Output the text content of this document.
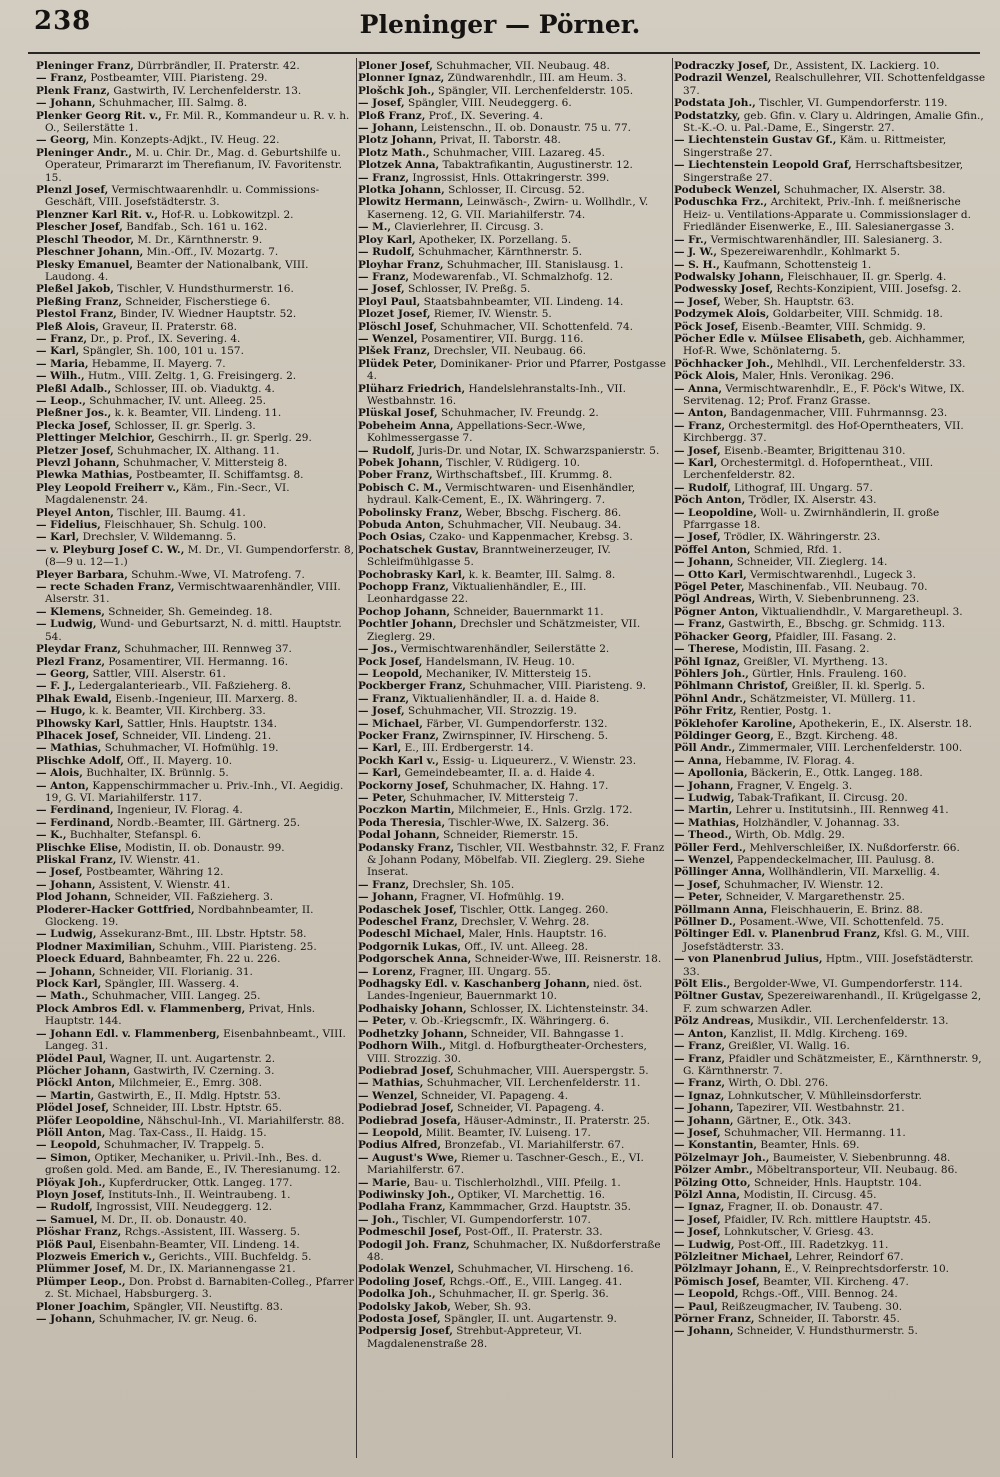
238	Pleninger — Pörner.
Pleninger Franz, Dürrbrändler, II. Praterstr. 42.
— Franz, Postbeamter, VIII. Piaristeng. 29.
Plenk Franz, Gastwirth, IV. Lerchenfelderstr. 13.
— Johann, Schuhmacher, III. Salmg. 8.
Plenker Georg Rit. v., Fr. Mil. R., Kommandeur u. R. v. h. O., Seilerstätte 1.
— Georg, Min. Konzepts-Adjkt., IV. Heug. 22.
Pleninger Andr., M. u. Chir. Dr., Mag. d. Geburtshilfe u. Operateur, Primararzt im Therefianum, IV. Favoritenstr. 15.
Plenzl Josef, Vermischtwaarenhdlr. u. Commissions-Geschäft, VIII. Josefstädterstr. 3.
Plenzner Karl Rit. v., Hof-R. u. Lobkowitzpl. 2.
Plescher Josef, Bandfab., Sch. 161 u. 162.
Pleschl Theodor, M. Dr., Kärnthnerstr. 9.
Pleschner Johann, Min.-Off., IV. Mozartg. 7.
Plesky Emanuel, Beamter der Nationalbank, VIII. Laudong. 4.
Pleßel Jakob, Tischler, V. Hundsthurmerstr. 16.
Pleßing Franz, Schneider, Fischerstiege 6.
Plestol Franz, Binder, IV. Wiedner Hauptstr. 52.
Pleß Alois, Graveur, II. Praterstr. 68.
— Franz, Dr., p. Prof., IX. Severing. 4.
— Karl, Spängler, Sh. 100, 101 u. 157.
— Maria, Hebamme, II. Mayerg. 7.
— Wilh., Hutm., VIII. Zeltg. 1, G. Freisingerg. 2.
Pleßl Adalb., Schlosser, III. ob. Viaduktg. 4.
— Leop., Schuhmacher, IV. unt. Alleeg. 25.
Pleßner Jos., k. k. Beamter, VII. Lindeng. 11.
Plecka Josef, Schlosser, II. gr. Sperlg. 3.
Plettinger Melchior, Geschirrh., II. gr. Sperlg. 29.
Pletzer Josef, Schuhmacher, IX. Althang. 11.
Plevzl Johann, Schuhmacher, V. Mittersteig 8.
Plewka Mathias, Postbeamter, II. Schiffamtsg. 8.
Pley Leopold Freiherr v., Käm., Fin.-Secr., VI. Magdalenenstr. 24.
Pleyel Anton, Tischler, III. Baumg. 41.
— Fidelius, Fleischhauer, Sh. Schulg. 100.
— Karl, Drechsler, V. Wildemanng. 5.
— v. Pleyburg Josef C. W., M. Dr., VI. Gumpendorferstr. 8, (8—9 u. 12—1.)
Pleyer Barbara, Schuhm.-Wwe, VI. Matrofeng. 7.
— recte Schaden Franz, Vermischtwaarenhändler, VIII. Alserstr. 31.
— Klemens, Schneider, Sh. Gemeindeg. 18.
— Ludwig, Wund- und Geburtsarzt, N. d. mittl. Hauptstr. 54.
Pleydar Franz, Schuhmacher, III. Rennweg 37.
Plezl Franz, Posamentirer, VII. Hermanng. 16.
— Georg, Sattler, VIII. Alserstr. 61.
— F. J., Ledergalanteriearb., VII. Faßzieherg. 8.
Plhak Ewald, Eisenb.-Ingenieur, III. Marxerg. 8.
— Hugo, k. k. Beamter, VII. Kirchberg. 33.
Plhowsky Karl, Sattler, Hnls. Hauptstr. 134.
Plhacek Josef, Schneider, VII. Lindeng. 21.
— Mathias, Schuhmacher, VI. Hofmühlg. 19.
Plischke Adolf, Off., II. Mayerg. 10.
— Alois, Buchhalter, IX. Brünnlg. 5.
— Anton, Kappenschirmmacher u. Priv.-Inh., VI. Aegidig. 19, G. VI. Mariahilferstr. 117.
— Ferdinand, Ingenieur, IV. Florag. 4.
— Ferdinand, Nordb.-Beamter, III. Gärtnerg. 25.
— K., Buchhalter, Stefanspl. 6.
Plischke Elise, Modistin, II. ob. Donaustr. 99.
Pliskal Franz, IV. Wienstr. 41.
— Josef, Postbeamter, Währing 12.
— Johann, Assistent, V. Wienstr. 41.
Plod Johann, Schneider, VII. Faßzieherg. 3.
Ploderer-Hacker Gottfried, Nordbahnbeamter, II. Glockeng. 19.
— Ludwig, Assekuranz-Bmt., III. Lbstr. Hptstr. 58.
Plodner Maximilian, Schuhm., VIII. Piaristeng. 25.
Ploeck Eduard, Bahnbeamter, Fh. 22 u. 226.
— Johann, Schneider, VII. Florianig. 31.
Plock Karl, Spängler, III. Wasserg. 4.
— Math., Schuhmacher, VIII. Langeg. 25.
Plock Ambros Edl. v. Flammenberg, Privat, Hnls. Hauptstr. 144.
— Johann Edl. v. Flammenberg, Eisenbahnbeamt., VIII. Langeg. 31.
Plödel Paul, Wagner, II. unt. Augartenstr. 2.
Plöcher Johann, Gastwirth, IV. Czerning. 3.
Plöckl Anton, Milchmeier, E., Emrg. 308.
— Martin, Gastwirth, E., II. Mdlg. Hptstr. 53.
Plödel Josef, Schneider, III. Lbstr. Hptstr. 65.
Plöfer Leopoldine, Nähschul-Inh., VI. Mariahilferstr. 88.
Plöll Anton, Mag. Tax-Cass., II. Haidg. 15.
— Leopold, Schuhmacher, IV. Trappelg. 5.
— Simon, Optiker, Mechaniker, u. Privil.-Inh., Bes. d. großen gold. Med. am Bande, E., IV. Theresianumg. 12.
Plöyak Joh., Kupferdrucker, Ottk. Langeg. 177.
Ployn Josef, Instituts-Inh., II. Weintraubeng. 1.
— Rudolf, Ingrossist, VIII. Neudeggerg. 12.
— Samuel, M. Dr., II. ob. Donaustr. 40.
Plöshar Franz, Rchgs.-Assistent, III. Wasserg. 5.
Plöß Paul, Eisenbahn-Beamter, VII. Lindeng. 14.
Plozweis Emerich v., Gerichts., VIII. Buchfeldg. 5.
Plümmer Josef, M. Dr., IX. Mariannengasse 21.
Plümper Leop., Don. Probst d. Barnabiten-Colleg., Pfarrer z. St. Michael, Habsburgerg. 3.
Ploner Joachim, Spängler, VII. Neustiftg. 83.
— Johann, Schuhmacher, IV. gr. Neug. 6.
Ploner Josef, Schuhmacher, VII. Neubaug. 48.
Plonner Ignaz, Zündwarenhdlr., III. am Heum. 3.
Plošchk Joh., Spängler, VII. Lerchenfelderstr. 105.
— Josef, Spängler, VIII. Neudeggerg. 6.
Ploß Franz, Prof., IX. Severing. 4.
— Johann, Leistenschn., II. ob. Donaustr. 75 u. 77.
Plotz Johann, Privat, II. Taborstr. 48.
Plotz Math., Schuhmacher, VIII. Lazareg. 45.
Plotzek Anna, Tabaktrafikantin, Augustinerstr. 12.
— Franz, Ingrossist, Hnls. Ottakringerstr. 399.
Plotka Johann, Schlosser, II. Circusg. 52.
Plowitz Hermann, Leinwäsch-, Zwirn- u. Wollhdlr., V. Kaserneng. 12, G. VII. Mariahilferstr. 74.
— M., Clavierlehrer, II. Circusg. 3.
Ploy Karl, Apotheker, IX. Porzellang. 5.
— Rudolf, Schuhmacher, Kärnthnerstr. 5.
Ployhar Franz, Schuhmacher, III. Stanislausg. 1.
— Franz, Modewarenfab., VI. Schmalzhofg. 12.
— Josef, Schlosser, IV. Preßg. 5.
Ployl Paul, Staatsbahnbeamter, VII. Lindeng. 14.
Plozet Josef, Riemer, IV. Wienstr. 5.
Plöschl Josef, Schuhmacher, VII. Schottenfeld. 74.
— Wenzel, Posamentirer, VII. Burgg. 116.
Plšek Franz, Drechsler, VII. Neubaug. 66.
Plüdek Peter, Dominikaner- Prior und Pfarrer, Postgasse 4.
Plüharz Friedrich, Handelslehranstalts-Inh., VII. Westbahnstr. 16.
Plüskal Josef, Schuhmacher, IV. Freundg. 2.
Pobeheim Anna, Appellations-Secr.-Wwe, Kohlmessergasse 7.
— Rudolf, Juris-Dr. und Notar, IX. Schwarzspanierstr. 5.
Pobek Johann, Tischler, V. Rüdigerg. 10.
Pober Franz, Wirthschaftsbef., III. Krummg. 8.
Pobisch C. M., Vermischtwaren- und Eisenhändler, hydraul. Kalk-Cement, E., IX. Währingerg. 7.
Pobolinsky Franz, Weber, Bbschg. Fischerg. 86.
Pobuda Anton, Schuhmacher, VII. Neubaug. 34.
Poch Osias, Czako- und Kappenmacher, Krebsg. 3.
Pochatschek Gustav, Branntweinerzeuger, IV. Schleifmühlgasse 5.
Pochobrasky Karl, k. k. Beamter, III. Salmg. 8.
Pochopp Franz, Viktualienhändler, E., III. Leonhardgasse 22.
Pochop Johann, Schneider, Bauernmarkt 11.
Pochtler Johann, Drechsler und Schätzmeister, VII. Zieglerg. 29.
— Jos., Vermischtwarenhändler, Seilerstätte 2.
Pock Josef, Handelsmann, IV. Heug. 10.
— Leopold, Mechaniker, IV. Mittersteig 15.
Pockberger Franz, Schuhmacher, VIII. Piaristeng. 9.
— Franz, Viktualienhändler, II. a. d. Haide 8.
— Josef, Schuhmacher, VII. Strozzig. 19.
— Michael, Färber, VI. Gumpendorferstr. 132.
Pocker Franz, Zwirnspinner, IV. Hirscheng. 5.
— Karl, E., III. Erdbergerstr. 14.
Pockh Karl v., Essig- u. Liqueurerz., V. Wienstr. 23.
— Karl, Gemeindebeamter, II. a. d. Haide 4.
Pockorny Josef, Schuhmacher, IX. Hahng. 17.
— Peter, Schuhmacher, IV. Mittersteig 7.
Poczkon Martin, Milchmeier, E., Hnls. Grzlg. 172.
Poda Theresia, Tischler-Wwe, IX. Salzerg. 36.
Podal Johann, Schneider, Riemerstr. 15.
Podansky Franz, Tischler, VII. Westbahnstr. 32, F. Franz & Johann Podany, Möbelfab. VII. Zieglerg. 29. Siehe Inserat.
— Franz, Drechsler, Sh. 105.
— Johann, Fragner, VI. Hofmühlg. 19.
Podaschek Josef, Tischler, Ottk. Langeg. 260.
Podeschel Franz, Drechsler, V. Wehrg. 28.
Podeschl Michael, Maler, Hnls. Hauptstr. 16.
Podgornik Lukas, Off., IV. unt. Alleeg. 28.
Podgorschek Anna, Schneider-Wwe, III. Reisnerstr. 18.
— Lorenz, Fragner, III. Ungarg. 55.
Podhagsky Edl. v. Kaschanberg Johann, nied. öst. Landes-Ingenieur, Bauernmarkt 10.
Podhaisky Johann, Schlosser, IX. Lichtensteinstr. 34.
— Peter, v. Ob.-Kriegscmfr., IX. Währingerg. 6.
Podhetzky Johann, Schneider, VII. Bahngasse 1.
Podhorn Wilh., Mitgl. d. Hofburgtheater-Orchesters, VIII. Strozzig. 30.
Podiebrad Josef, Schuhmacher, VIII. Auerspergstr. 5.
— Mathias, Schuhmacher, VII. Lerchenfelderstr. 11.
— Wenzel, Schneider, VI. Papageng. 4.
Podiebrad Josef, Schneider, VI. Papageng. 4.
Podiebrad Josefa, Häuser-Adminstr., II. Praterstr. 25.
— Leopold, Milit. Beamter, IV. Luiseng. 17.
Podius Alfred, Bronzefab., VI. Mariahilferstr. 67.
— August's Wwe, Riemer u. Taschner-Gesch., E., VI. Mariahilferstr. 67.
— Marie, Bau- u. Tischlerholzhdl., VIII. Pfeilg. 1.
Podiwinsky Joh., Optiker, VI. Marchettig. 16.
Podlaha Franz, Kammmacher, Grzd. Hauptstr. 35.
— Joh., Tischler, VI. Gumpendorferstr. 107.
Podmeschil Josef, Post-Off., II. Praterstr. 33.
Podogil Joh. Franz, Schuhmacher, IX. Nußdorferstraße 48.
Podolak Wenzel, Schuhmacher, VI. Hirscheng. 16.
Podoling Josef, Rchgs.-Off., E., VIII. Langeg. 41.
Podolka Joh., Schuhmacher, II. gr. Sperlg. 36.
Podolsky Jakob, Weber, Sh. 93.
Podosta Josef, Spängler, II. unt. Augartenstr. 9.
Podpersig Josef, Strehbut-Appreteur, VI. Magdalenenstraße 28.
Podraczky Josef, Dr., Assistent, IX. Lackierg. 10.
Podrazil Wenzel, Realschullehrer, VII. Schottenfeldgasse 37.
Podstata Joh., Tischler, VI. Gumpendorferstr. 119.
Podstatzky, geb. Gfin. v. Clary u. Aldringen, Amalie Gfin., St.-K.-O. u. Pal.-Dame, E., Singerstr. 27.
— Liechtenstein Gustav Gf., Käm. u. Rittmeister, Singerstraße 27.
— Liechtenstein Leopold Graf, Herrschaftsbesitzer, Singerstraße 27.
Podubeck Wenzel, Schuhmacher, IX. Alserstr. 38.
Poduschka Frz., Architekt, Priv.-Inh. f. meißnerische Heiz- u. Ventilations-Apparate u. Commissionslager d. Friedländer Eisenwerke, E., III. Salesianergasse 3.
— Fr., Vermischtwarenhändler, III. Salesianerg. 3.
— J. W., Spezereiwarenhdlr., Kohlmarkt 5.
— S. H., Kaufmann, Schottensteig 1.
Podwalsky Johann, Fleischhauer, II. gr. Sperlg. 4.
Podwessky Josef, Rechts-Konzipient, VIII. Josefsg. 2.
— Josef, Weber, Sh. Hauptstr. 63.
Podzymek Alois, Goldarbeiter, VIII. Schmidg. 18.
Pöck Josef, Eisenb.-Beamter, VIII. Schmidg. 9.
Pöcher Edle v. Mülsee Elisabeth, geb. Aichhammer, Hof-R. Wwe, Schönlaterng. 5.
Pöchhacker Joh., Mehlhdl., VII. Lerchenfelderstr. 33.
Pöck Alois, Maler, Hnls. Veronikag. 296.
— Anna, Vermischtwarenhdlr., E., F. Pöck's Witwe, IX. Servitenag. 12; Prof. Franz Grasse.
— Anton, Bandagenmacher, VIII. Fuhrmannsg. 23.
— Franz, Orchestermitgl. des Hof-Operntheaters, VII. Kirchbergg. 37.
— Josef, Eisenb.-Beamter, Brigittenau 310.
— Karl, Orchestermitgl. d. Hofoperntheat., VIII. Lerchenfelderstr. 82.
— Rudolf, Lithograf, III. Ungarg. 57.
Pöch Anton, Trödler, IX. Alserstr. 43.
— Leopoldine, Woll- u. Zwirnhändlerin, II. große Pfarrgasse 18.
— Josef, Trödler, IX. Währingerstr. 23.
Pöffel Anton, Schmied, Rfd. 1.
— Johann, Schneider, VII. Zieglerg. 14.
— Otto Karl, Vermischtwarenhdl., Lugeck 3.
Pögel Peter, Maschinenfab., VII. Neubaug. 70.
Pögl Andreas, Wirth, V. Siebenbrunneng. 23.
Pögner Anton, Viktualiendhdlr., V. Margaretheupl. 3.
— Franz, Gastwirth, E., Bbschg. gr. Schmidg. 113.
Pöhacker Georg, Pfaidler, III. Fasang. 2.
— Therese, Modistin, III. Fasang. 2.
Pöhl Ignaz, Greißler, VI. Myrtheng. 13.
Pöhlers Joh., Gürtler, Hnls. Frauleng. 160.
Pöhlmann Christof, Greißler, II. kl. Sperlg. 5.
Pöhnl Andr., Schätzmeister, VI. Müllerg. 11.
Pöhr Fritz, Rentier, Postg. 1.
Pöklehofer Karoline, Apothekerin, E., IX. Alserstr. 18.
Pöldinger Georg, E., Bzgt. Kircheng. 48.
Pöll Andr., Zimmermaler, VIII. Lerchenfelderstr. 100.
— Anna, Hebamme, IV. Florag. 4.
— Apollonia, Bäckerin, E., Ottk. Langeg. 188.
— Johann, Fragner, V. Engelg. 3.
— Ludwig, Tabak-Trafikant, II. Circusg. 20.
— Martin, Lehrer u. Institutsinh., III. Rennweg 41.
— Mathias, Holzhändler, V. Johannag. 33.
— Theod., Wirth, Ob. Mdlg. 29.
Pöller Ferd., Mehlverschleißer, IX. Nußdorferstr. 66.
— Wenzel, Pappendeckelmacher, III. Paulusg. 8.
Pöllinger Anna, Wollhändlerin, VII. Marxellig. 4.
— Josef, Schuhmacher, IV. Wienstr. 12.
— Peter, Schneider, V. Margarethenstr. 25.
Pöllmann Anna, Fleischhauerin, E. Brinz. 88.
Pöllner D., Posament.-Wwe, VII. Schottenfeld. 75.
Pöltinger Edl. v. Planenbrud Franz, Kfsl. G. M., VIII. Josefstädterstr. 33.
— von Planenbrud Julius, Hptm., VIII. Josefstädterstr. 33.
Pölt Elis., Bergolder-Wwe, VI. Gumpendorferstr. 114.
Pöltner Gustav, Spezereiwarenhandl., II. Krügelgasse 2, F. zum schwarzen Adler.
Pölz Andreas, Musikdir., VII. Lerchenfelderstr. 13.
— Anton, Kanzlist, II. Mdlg. Kircheng. 169.
— Franz, Greißler, VI. Wallg. 16.
— Franz, Pfaidler und Schätzmeister, E., Kärnthnerstr. 9, G. Kärnthnerstr. 7.
— Franz, Wirth, O. Dbl. 276.
— Ignaz, Lohnkutscher, V. Mühlleinsdorferstr.
— Johann, Tapezirer, VII. Westbahnstr. 21.
— Johann, Gärtner, E., Otk. 343.
— Josef, Schuhmacher, VII. Hermanng. 11.
— Konstantin, Beamter, Hnls. 69.
Pölzelmayr Joh., Baumeister, V. Siebenbrunng. 48.
Pölzer Ambr., Möbeltransporteur, VII. Neubaug. 86.
Pölzing Otto, Schneider, Hnls. Hauptstr. 104.
Pölzl Anna, Modistin, II. Circusg. 45.
— Ignaz, Fragner, II. ob. Donaustr. 47.
— Josef, Pfaidler, IV. Rch. mittlere Hauptstr. 45.
— Josef, Lohnkutscher, V. Griesg. 43.
— Ludwig, Post-Off., III. Radetzkyg. 11.
Pölzleitner Michael, Lehrer, Reindorf 67.
Pölzlmayr Johann, E., V. Reinprechtsdorferstr. 10.
Pömisch Josef, Beamter, VII. Kircheng. 47.
— Leopold, Rchgs.-Off., VIII. Bennog. 24.
— Paul, Reißzeugmacher, IV. Taubeng. 30.
Pörner Franz, Schneider, II. Taborstr. 45.
— Johann, Schneider, V. Hundsthurmerstr. 5.
